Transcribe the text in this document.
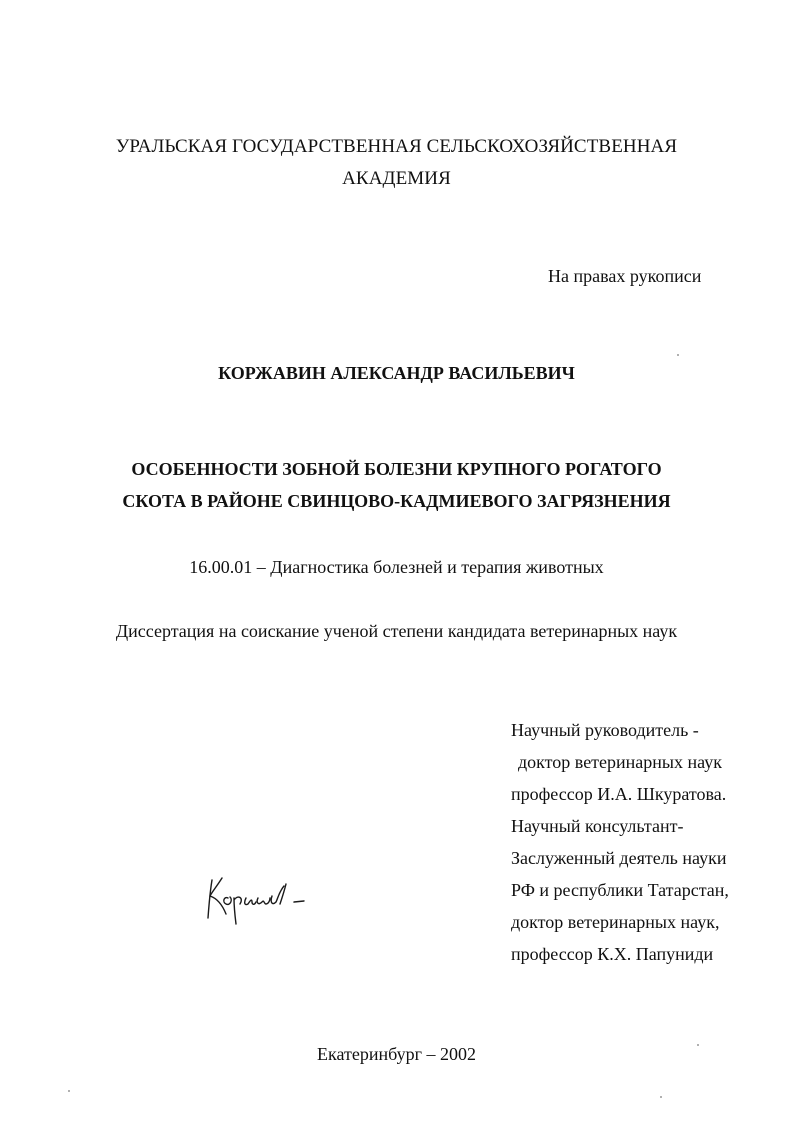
УРАЛЬСКАЯ ГОСУДАРСТВЕННАЯ СЕЛЬСКОХОЗЯЙСТВЕННАЯ
АКАДЕМИЯ
На правах рукописи
КОРЖАВИН АЛЕКСАНДР ВАСИЛЬЕВИЧ
ОСОБЕННОСТИ ЗОБНОЙ БОЛЕЗНИ КРУПНОГО РОГАТОГО
СКОТА В РАЙОНЕ СВИНЦОВО-КАДМИЕВОГО ЗАГРЯЗНЕНИЯ
16.00.01 – Диагностика болезней и терапия животных
Диссертация на соискание ученой степени кандидата ветеринарных наук
Научный руководитель -
доктор ветеринарных наук
профессор И.А. Шкуратова.
Научный консультант-
Заслуженный деятель науки
РФ и республики Татарстан,
доктор ветеринарных наук,
профессор К.Х. Папуниди
Екатеринбург – 2002
